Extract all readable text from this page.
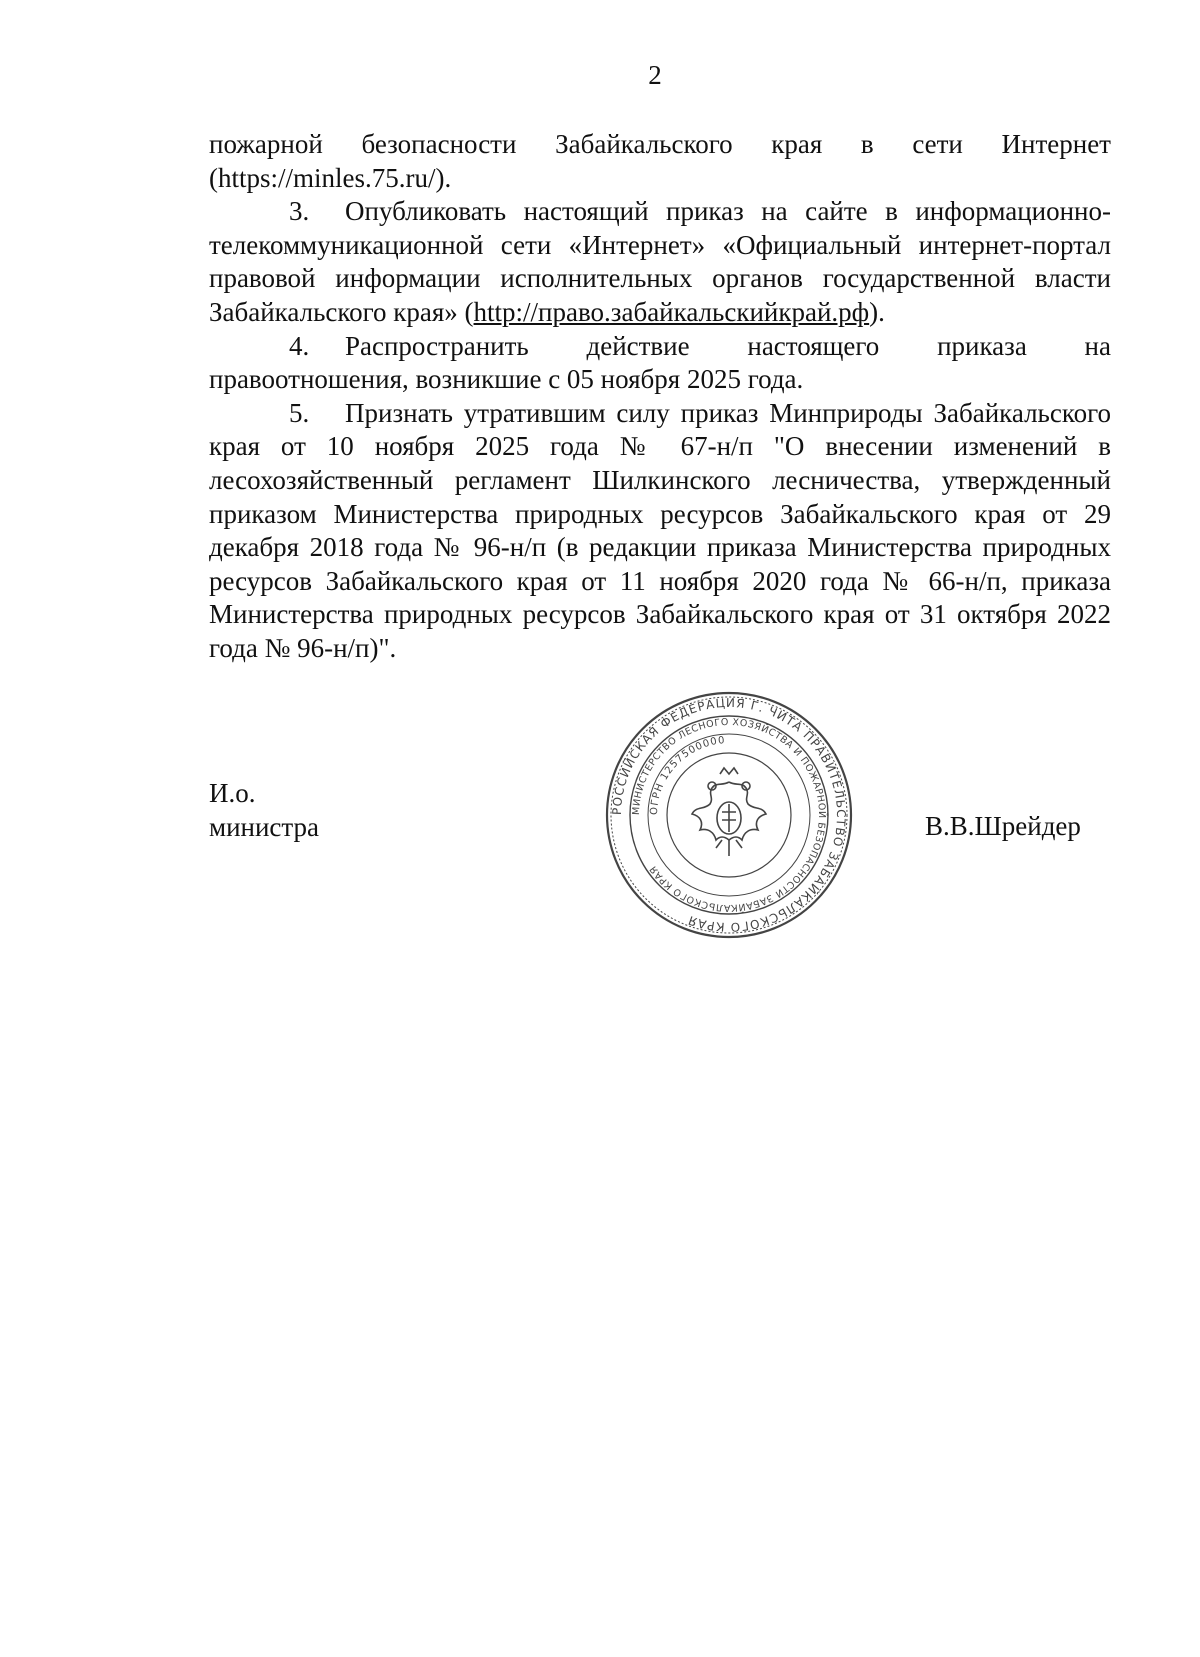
2

пожарной безопасности Забайкальского края в сети Интернет (https://minles.75.ru/).

3. Опубликовать настоящий приказ на сайте в информационно-телекоммуникационной сети «Интернет» «Официальный интернет-портал правовой информации исполнительных органов государственной власти Забайкальского края» (http://право.забайкальскийкрай.рф).

4. Распространить действие настоящего приказа на правоотношения, возникшие с 05 ноября 2025 года.

5. Признать утратившим силу приказ Минприроды Забайкальского края от 10 ноября 2025 года № 67-н/п "О внесении изменений в лесохозяйственный регламент Шилкинского лесничества, утвержденный приказом Министерства природных ресурсов Забайкальского края от 29 декабря 2018 года № 96-н/п (в редакции приказа Министерства природных ресурсов Забайкальского края от 11 ноября 2020 года № 66-н/п, приказа Министерства природных ресурсов Забайкальского края от 31 октября 2022 года № 96-н/п)".

И.о.
министра	В.В.Шрейдер
РОССИЙСКАЯ ФЕДЕРАЦИЯ Г. ЧИТА ПРАВИТЕЛЬСТВО ЗАБАЙКАЛЬСКОГО КРАЯ
МИНИСТЕРСТВО ЛЕСНОГО ХОЗЯЙСТВА И ПОЖАРНОЙ БЕЗОПАСНОСТИ ЗАБАЙКАЛЬСКОГО КРАЯ
ОГРН 1257500000
